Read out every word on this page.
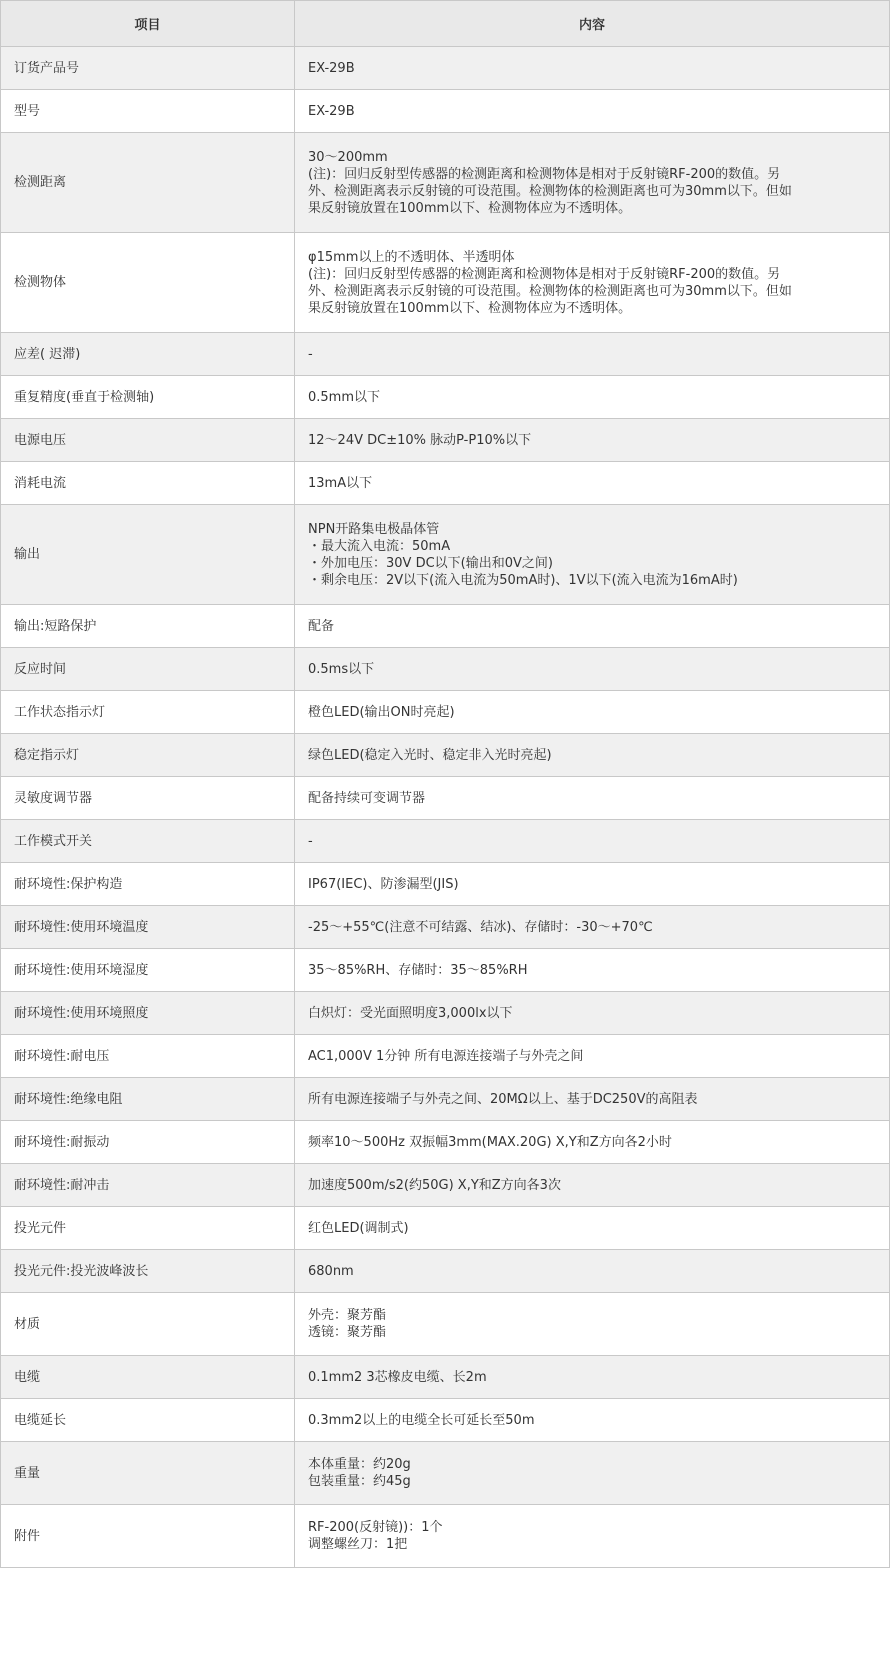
项目	内容
订货产品号	EX-29B

型号	EX-29B

检测距离	30～200mm
(注)：回归反射型传感器的检测距离和检测物体是相对于反射镜RF-200的数值。另
外、检测距离表示反射镜的可设范围。检测物体的检测距离也可为30mm以下。但如
果反射镜放置在100mm以下、检测物体应为不透明体。

检测物体	φ15mm以上的不透明体、半透明体
(注)：回归反射型传感器的检测距离和检测物体是相对于反射镜RF-200的数值。另
外、检测距离表示反射镜的可设范围。检测物体的检测距离也可为30mm以下。但如
果反射镜放置在100mm以下、检测物体应为不透明体。

应差( 迟滞)	-

重复精度(垂直于检测轴)	0.5mm以下

电源电压	12～24V DC±10% 脉动P-P10%以下

消耗电流	13mA以下

输出	NPN开路集电极晶体管
・最大流入电流：50mA
・外加电压：30V DC以下(输出和0V之间)
・剩余电压：2V以下(流入电流为50mA时)、1V以下(流入电流为16mA时)

输出:短路保护	配备

反应时间	0.5ms以下

工作状态指示灯	橙色LED(输出ON时亮起)

稳定指示灯	绿色LED(稳定入光时、稳定非入光时亮起)

灵敏度调节器	配备持续可变调节器

工作模式开关	-

耐环境性:保护构造	IP67(IEC)、防渗漏型(JIS)

耐环境性:使用环境温度	-25～+55℃(注意不可结露、结冰)、存储时：-30～+70℃

耐环境性:使用环境湿度	35～85%RH、存储时：35～85%RH

耐环境性:使用环境照度	白炽灯：受光面照明度3,000lx以下

耐环境性:耐电压	AC1,000V 1分钟 所有电源连接端子与外壳之间

耐环境性:绝缘电阻	所有电源连接端子与外壳之间、20MΩ以上、基于DC250V的高阻表

耐环境性:耐振动	频率10～500Hz 双振幅3mm(MAX.20G) X,Y和Z方向各2小时

耐环境性:耐冲击	加速度500m/s2(约50G) X,Y和Z方向各3次

投光元件	红色LED(调制式)

投光元件:投光波峰波长	680nm

材质	外壳：聚芳酯
透镜：聚芳酯

电缆	0.1mm2 3芯橡皮电缆、长2m

电缆延长	0.3mm2以上的电缆全长可延长至50m

重量	本体重量：约20g
包装重量：约45g

附件	RF-200(反射镜))：1个
调整螺丝刀：1把
